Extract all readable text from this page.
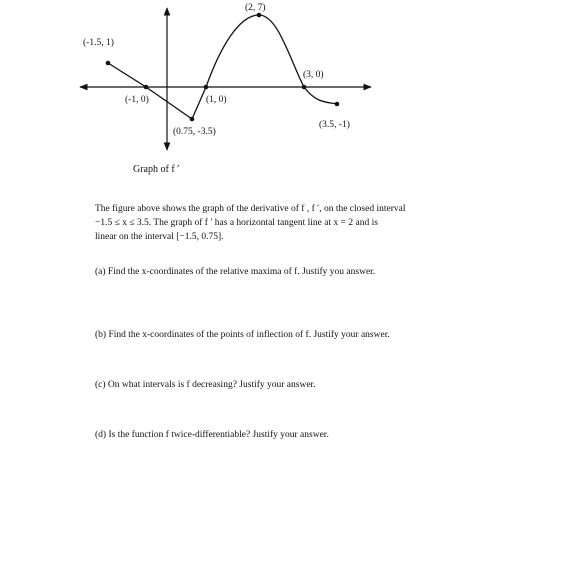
(-1.5, 1)
(-1, 0)
(0.75, -3.5)
(1, 0)
(2, 7)
(3, 0)
(3.5, -1)
Graph of f ′
The figure above shows the graph of the derivative of f , f ′, on the closed interval
−1.5 ≤ x ≤ 3.5. The graph of f ′ has a horizontal tangent line at x = 2 and is
linear on the interval [−1.5, 0.75].
(a) Find the x-coordinates of the relative maxima of f. Justify you answer.
(b) Find the x-coordinates of the points of inflection of f. Justify your answer.
(c) On what intervals is f decreasing? Justify your answer.
(d) Is the function f twice-differentiable? Justify your answer.
